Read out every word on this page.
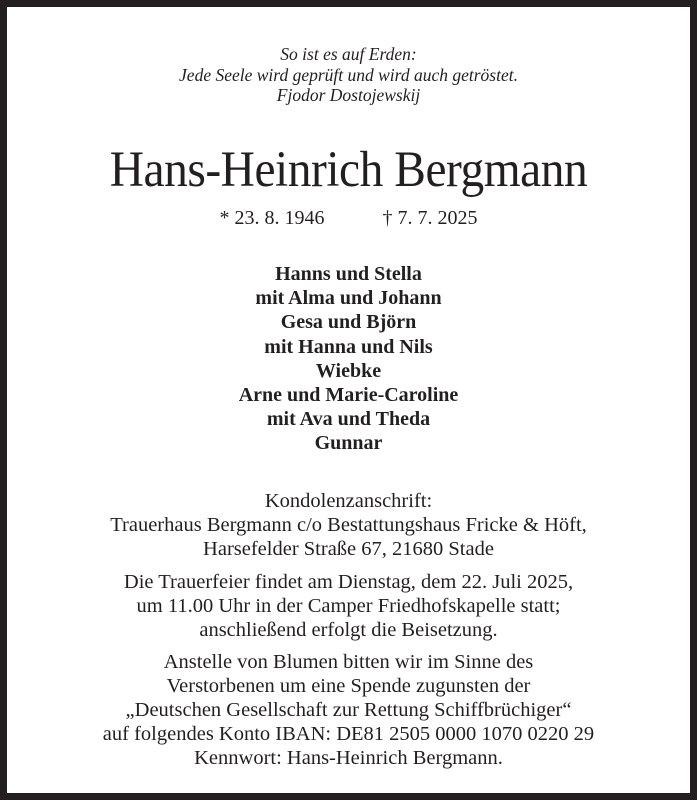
So ist es auf Erden:
Jede Seele wird geprüft und wird auch getröstet.
Fjodor Dostojewskij
Hans-Heinrich Bergmann
* 23. 8. 1946	† 7. 7. 2025
Hanns und Stella
mit Alma und Johann
Gesa und Björn
mit Hanna und Nils
Wiebke
Arne und Marie-Caroline
mit Ava und Theda
Gunnar
Kondolenzanschrift:
Trauerhaus Bergmann c/o Bestattungshaus Fricke & Höft,
Harsefelder Straße 67, 21680 Stade
Die Trauerfeier findet am Dienstag, dem 22. Juli 2025,
um 11.00 Uhr in der Camper Friedhofskapelle statt;
anschließend erfolgt die Beisetzung.
Anstelle von Blumen bitten wir im Sinne des
Verstorbenen um eine Spende zugunsten der
„Deutschen Gesellschaft zur Rettung Schiffbrüchiger“
auf folgendes Konto IBAN: DE81 2505 0000 1070 0220 29
Kennwort: Hans-Heinrich Bergmann.
